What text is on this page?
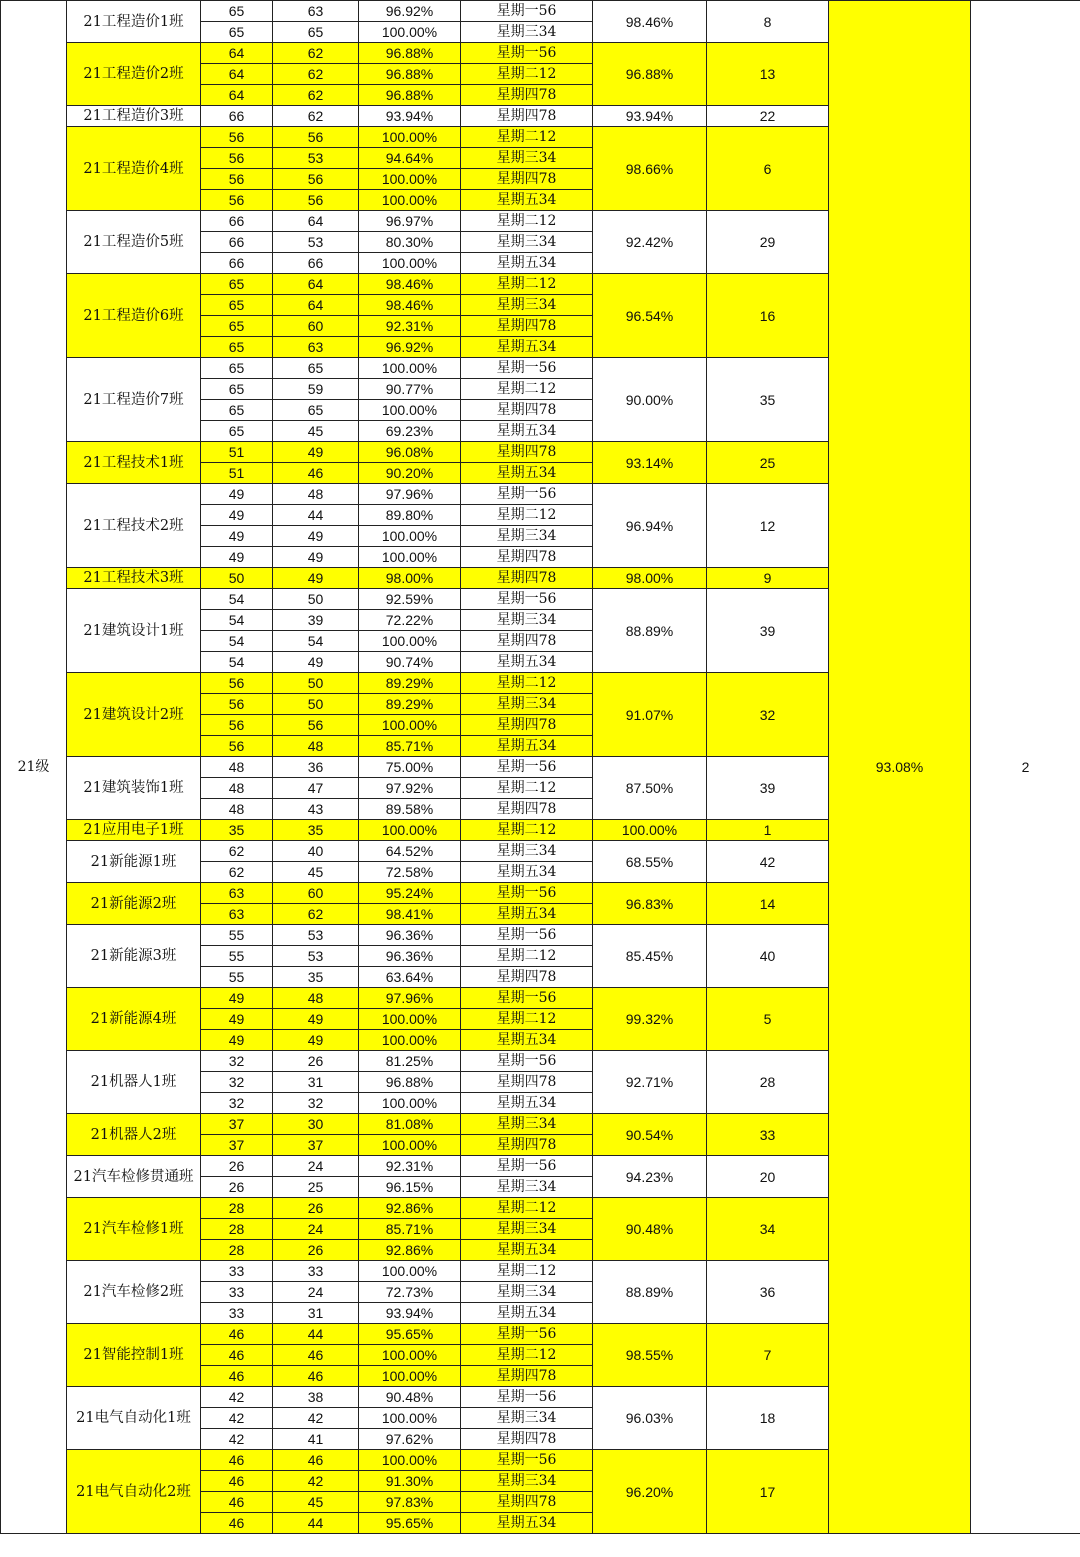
21级	21工程造价1班	65	63	96.92%	星期一56	98.46%	8	93.08%	2
		65	65	100.00%	星期三34				
	21工程造价2班	64	62	96.88%	星期一56	96.88%	13		
		64	62	96.88%	星期二12				
		64	62	96.88%	星期四78				
	21工程造价3班	66	62	93.94%	星期四78	93.94%	22		
	21工程造价4班	56	56	100.00%	星期二12	98.66%	6		
		56	53	94.64%	星期三34				
		56	56	100.00%	星期四78				
		56	56	100.00%	星期五34				
	21工程造价5班	66	64	96.97%	星期二12	92.42%	29		
		66	53	80.30%	星期三34				
		66	66	100.00%	星期五34				
	21工程造价6班	65	64	98.46%	星期二12	96.54%	16		
		65	64	98.46%	星期三34				
		65	60	92.31%	星期四78				
		65	63	96.92%	星期五34				
	21工程造价7班	65	65	100.00%	星期一56	90.00%	35		
		65	59	90.77%	星期二12				
		65	65	100.00%	星期四78				
		65	45	69.23%	星期五34				
	21工程技术1班	51	49	96.08%	星期四78	93.14%	25		
		51	46	90.20%	星期五34				
	21工程技术2班	49	48	97.96%	星期一56	96.94%	12		
		49	44	89.80%	星期二12				
		49	49	100.00%	星期三34				
		49	49	100.00%	星期四78				
	21工程技术3班	50	49	98.00%	星期四78	98.00%	9		
	21建筑设计1班	54	50	92.59%	星期一56	88.89%	39		
		54	39	72.22%	星期三34				
		54	54	100.00%	星期四78				
		54	49	90.74%	星期五34				
	21建筑设计2班	56	50	89.29%	星期二12	91.07%	32		
		56	50	89.29%	星期三34				
		56	56	100.00%	星期四78				
		56	48	85.71%	星期五34				
	21建筑装饰1班	48	36	75.00%	星期一56	87.50%	39		
		48	47	97.92%	星期二12				
		48	43	89.58%	星期四78				
	21应用电子1班	35	35	100.00%	星期二12	100.00%	1		
	21新能源1班	62	40	64.52%	星期三34	68.55%	42		
		62	45	72.58%	星期五34				
	21新能源2班	63	60	95.24%	星期一56	96.83%	14		
		63	62	98.41%	星期五34				
	21新能源3班	55	53	96.36%	星期一56	85.45%	40		
		55	53	96.36%	星期二12				
		55	35	63.64%	星期四78				
	21新能源4班	49	48	97.96%	星期一56	99.32%	5		
		49	49	100.00%	星期二12				
		49	49	100.00%	星期五34				
	21机器人1班	32	26	81.25%	星期一56	92.71%	28		
		32	31	96.88%	星期四78				
		32	32	100.00%	星期五34				
	21机器人2班	37	30	81.08%	星期三34	90.54%	33		
		37	37	100.00%	星期四78				
	21汽车检修贯通班	26	24	92.31%	星期一56	94.23%	20		
		26	25	96.15%	星期三34				
	21汽车检修1班	28	26	92.86%	星期二12	90.48%	34		
		28	24	85.71%	星期三34				
		28	26	92.86%	星期五34				
	21汽车检修2班	33	33	100.00%	星期二12	88.89%	36		
		33	24	72.73%	星期三34				
		33	31	93.94%	星期五34				
	21智能控制1班	46	44	95.65%	星期一56	98.55%	7		
		46	46	100.00%	星期二12				
		46	46	100.00%	星期四78				
	21电气自动化1班	42	38	90.48%	星期一56	96.03%	18		
		42	42	100.00%	星期三34				
		42	41	97.62%	星期四78				
	21电气自动化2班	46	46	100.00%	星期一56	96.20%	17		
		46	42	91.30%	星期三34				
		46	45	97.83%	星期四78				
		46	44	95.65%	星期五34				
